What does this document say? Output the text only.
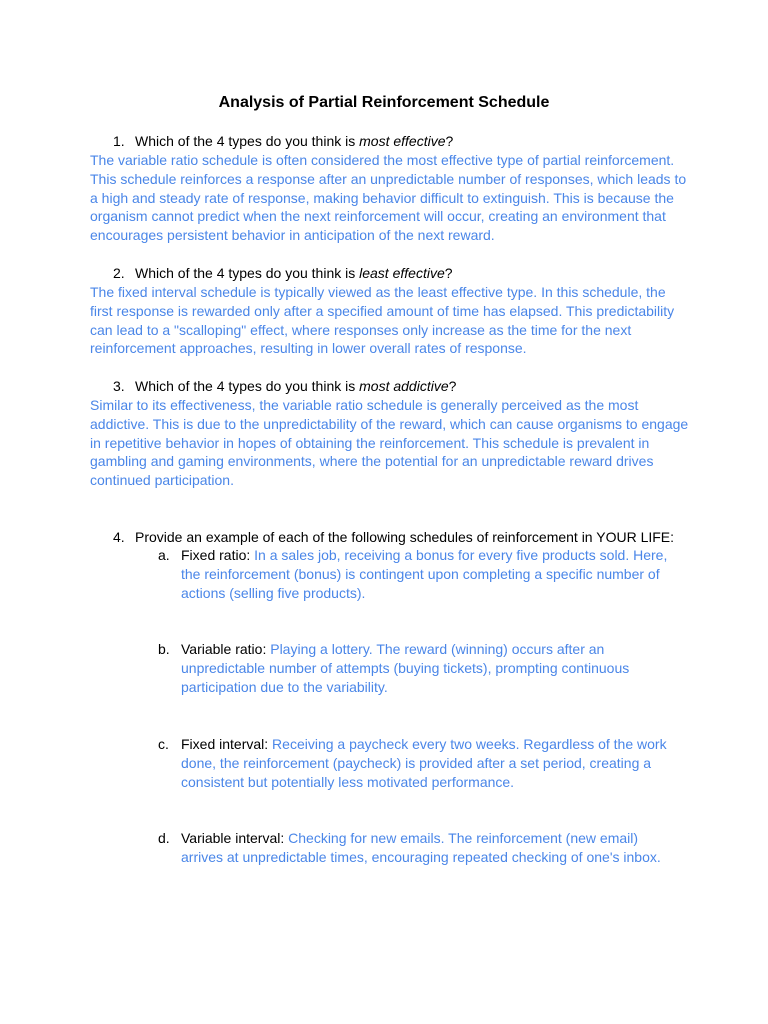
Analysis of Partial Reinforcement Schedule
1. Which of the 4 types do you think is most effective?
The variable ratio schedule is often considered the most effective type of partial reinforcement. This schedule reinforces a response after an unpredictable number of responses, which leads to a high and steady rate of response, making behavior difficult to extinguish. This is because the organism cannot predict when the next reinforcement will occur, creating an environment that encourages persistent behavior in anticipation of the next reward.
2. Which of the 4 types do you think is least effective?
The fixed interval schedule is typically viewed as the least effective type. In this schedule, the first response is rewarded only after a specified amount of time has elapsed. This predictability can lead to a "scalloping" effect, where responses only increase as the time for the next reinforcement approaches, resulting in lower overall rates of response.
3. Which of the 4 types do you think is most addictive?
Similar to its effectiveness, the variable ratio schedule is generally perceived as the most addictive. This is due to the unpredictability of the reward, which can cause organisms to engage in repetitive behavior in hopes of obtaining the reinforcement. This schedule is prevalent in gambling and gaming environments, where the potential for an unpredictable reward drives continued participation.
4. Provide an example of each of the following schedules of reinforcement in YOUR LIFE:
a. Fixed ratio: In a sales job, receiving a bonus for every five products sold. Here, the reinforcement (bonus) is contingent upon completing a specific number of actions (selling five products).
b. Variable ratio: Playing a lottery. The reward (winning) occurs after an unpredictable number of attempts (buying tickets), prompting continuous participation due to the variability.
c. Fixed interval: Receiving a paycheck every two weeks. Regardless of the work done, the reinforcement (paycheck) is provided after a set period, creating a consistent but potentially less motivated performance.
d. Variable interval: Checking for new emails. The reinforcement (new email) arrives at unpredictable times, encouraging repeated checking of one's inbox.
